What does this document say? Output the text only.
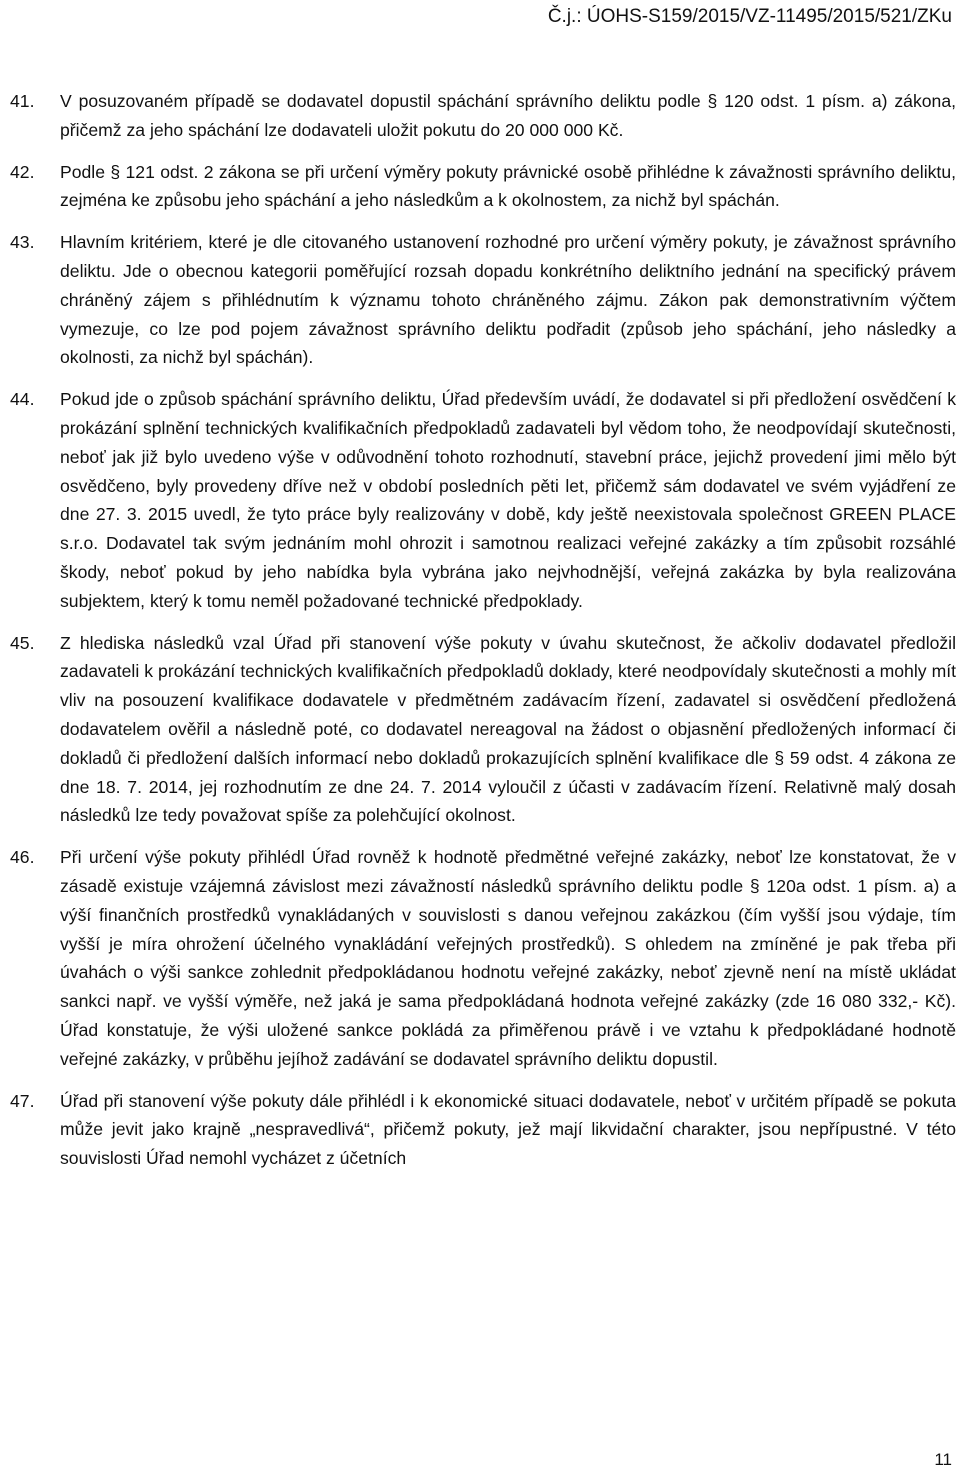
Č.j.: ÚOHS-S159/2015/VZ-11495/2015/521/ZKu
41. V posuzovaném případě se dodavatel dopustil spáchání správního deliktu podle § 120 odst. 1 písm. a) zákona, přičemž za jeho spáchání lze dodavateli uložit pokutu do 20 000 000 Kč.
42. Podle § 121 odst. 2 zákona se při určení výměry pokuty právnické osobě přihlédne k závažnosti správního deliktu, zejména ke způsobu jeho spáchání a jeho následkům a k okolnostem, za nichž byl spáchán.
43. Hlavním kritériem, které je dle citovaného ustanovení rozhodné pro určení výměry pokuty, je závažnost správního deliktu. Jde o obecnou kategorii poměřující rozsah dopadu konkrétního deliktního jednání na specifický právem chráněný zájem s přihlédnutím k významu tohoto chráněného zájmu. Zákon pak demonstrativním výčtem vymezuje, co lze pod pojem závažnost správního deliktu podřadit (způsob jeho spáchání, jeho následky a okolnosti, za nichž byl spáchán).
44. Pokud jde o způsob spáchání správního deliktu, Úřad především uvádí, že dodavatel si při předložení osvědčení k prokázání splnění technických kvalifikačních předpokladů zadavateli byl vědom toho, že neodpovídají skutečnosti, neboť jak již bylo uvedeno výše v odůvodnění tohoto rozhodnutí, stavební práce, jejichž provedení jimi mělo být osvědčeno, byly provedeny dříve než v období posledních pěti let, přičemž sám dodavatel ve svém vyjádření ze dne 27. 3. 2015 uvedl, že tyto práce byly realizovány v době, kdy ještě neexistovala společnost GREEN PLACE s.r.o. Dodavatel tak svým jednáním mohl ohrozit i samotnou realizaci veřejné zakázky a tím způsobit rozsáhlé škody, neboť pokud by jeho nabídka byla vybrána jako nejvhodnější, veřejná zakázka by byla realizována subjektem, který k tomu neměl požadované technické předpoklady.
45. Z hlediska následků vzal Úřad při stanovení výše pokuty v úvahu skutečnost, že ačkoliv dodavatel předložil zadavateli k prokázání technických kvalifikačních předpokladů doklady, které neodpovídaly skutečnosti a mohly mít vliv na posouzení kvalifikace dodavatele v předmětném zadávacím řízení, zadavatel si osvědčení předložená dodavatelem ověřil a následně poté, co dodavatel nereagoval na žádost o objasnění předložených informací či dokladů či předložení dalších informací nebo dokladů prokazujících splnění kvalifikace dle § 59 odst. 4 zákona ze dne 18. 7. 2014, jej rozhodnutím ze dne 24. 7. 2014 vyloučil z účasti v zadávacím řízení. Relativně malý dosah následků lze tedy považovat spíše za polehčující okolnost.
46. Při určení výše pokuty přihlédl Úřad rovněž k hodnotě předmětné veřejné zakázky, neboť lze konstatovat, že v zásadě existuje vzájemná závislost mezi závažností následků správního deliktu podle § 120a odst. 1 písm. a) a výší finančních prostředků vynakládaných v souvislosti s danou veřejnou zakázkou (čím vyšší jsou výdaje, tím vyšší je míra ohrožení účelného vynakládání veřejných prostředků). S ohledem na zmíněné je pak třeba při úvahách o výši sankce zohlednit předpokládanou hodnotu veřejné zakázky, neboť zjevně není na místě ukládat sankci např. ve vyšší výměře, než jaká je sama předpokládaná hodnota veřejné zakázky (zde 16 080 332,- Kč). Úřad konstatuje, že výši uložené sankce pokládá za přiměřenou právě i ve vztahu k předpokládané hodnotě veřejné zakázky, v průběhu jejíhož zadávání se dodavatel správního deliktu dopustil.
47. Úřad při stanovení výše pokuty dále přihlédl i k ekonomické situaci dodavatele, neboť v určitém případě se pokuta může jevit jako krajně „nespravedlivá“, přičemž pokuty, jež mají likvidační charakter, jsou nepřípustné. V této souvislosti Úřad nemohl vycházet z účetních
11
